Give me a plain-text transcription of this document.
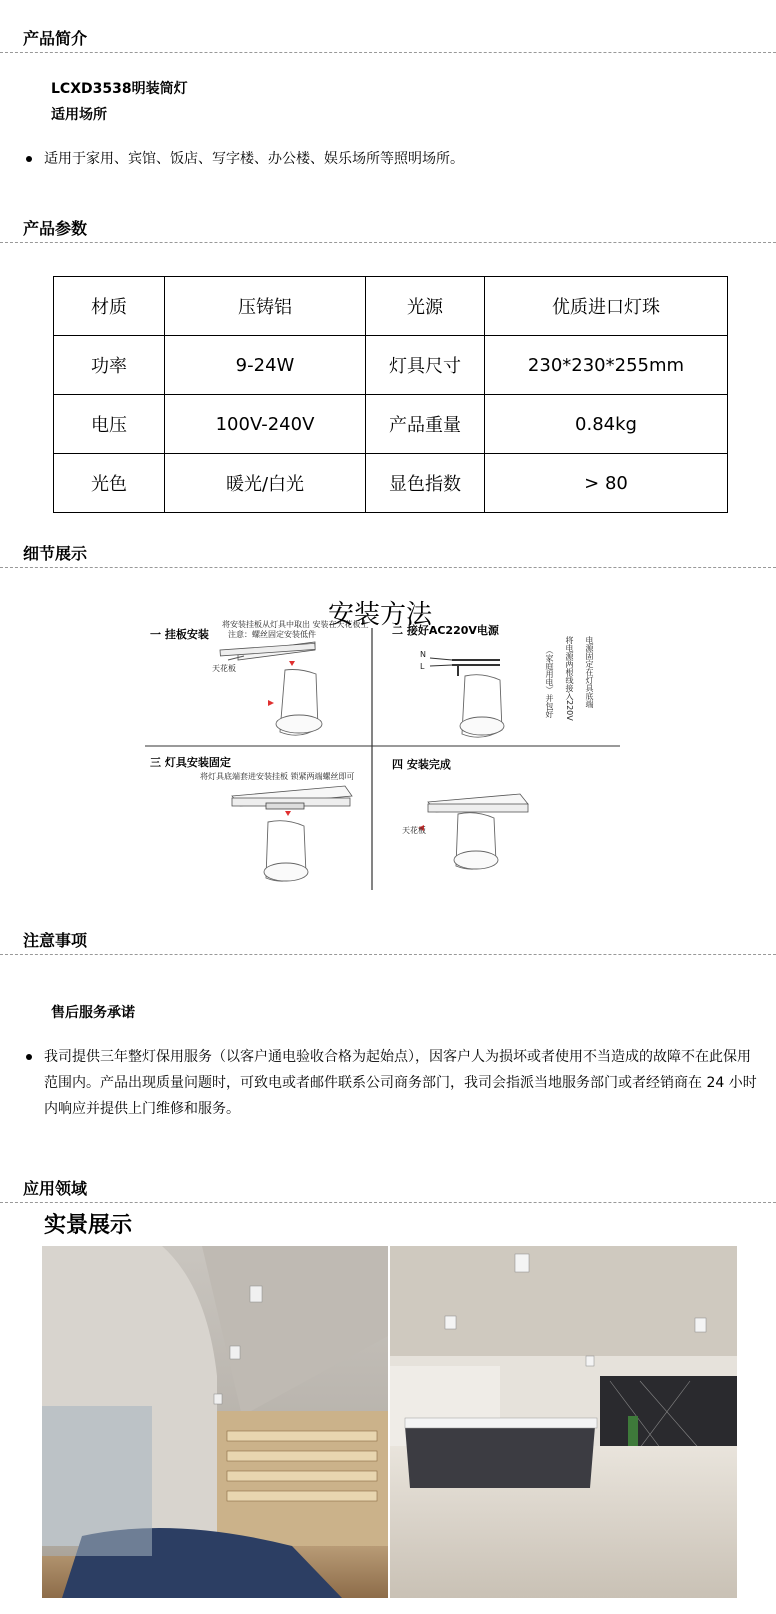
产品简介
LCXD3538明装筒灯
适用场所
适用于家用、宾馆、饭店、写字楼、办公楼、娱乐场所等照明场所。
产品参数
材质	压铸铝	光源	优质进口灯珠
功率	9-24W	灯具尺寸	230*230*255mm
电压	100V-240V	产品重量	0.84kg
光色	暖光/白光	显色指数	> 80
细节展示
安装方法
一 挂板安装
将安装挂板从灯具中取出 安装在天花板上
注意：螺丝固定安装低件
天花板
二 接好AC220V电源
N
L	电源固定在灯具底端
将电源两根线接入220V
（家庭用电）并包好
三 灯具安装固定
将灯具底端套进安装挂板 锁紧两端螺丝即可
四 安装完成
天花板
注意事项
售后服务承诺
我司提供三年整灯保用服务（以客户通电验收合格为起始点），因客户人为损坏或者使用不当造成的故障不在此保用范围内。产品出现质量问题时，可致电或者邮件联系公司商务部门，我司会指派当地服务部门或者经销商在 24 小时内响应并提供上门维修和服务。
应用领域
实景展示
